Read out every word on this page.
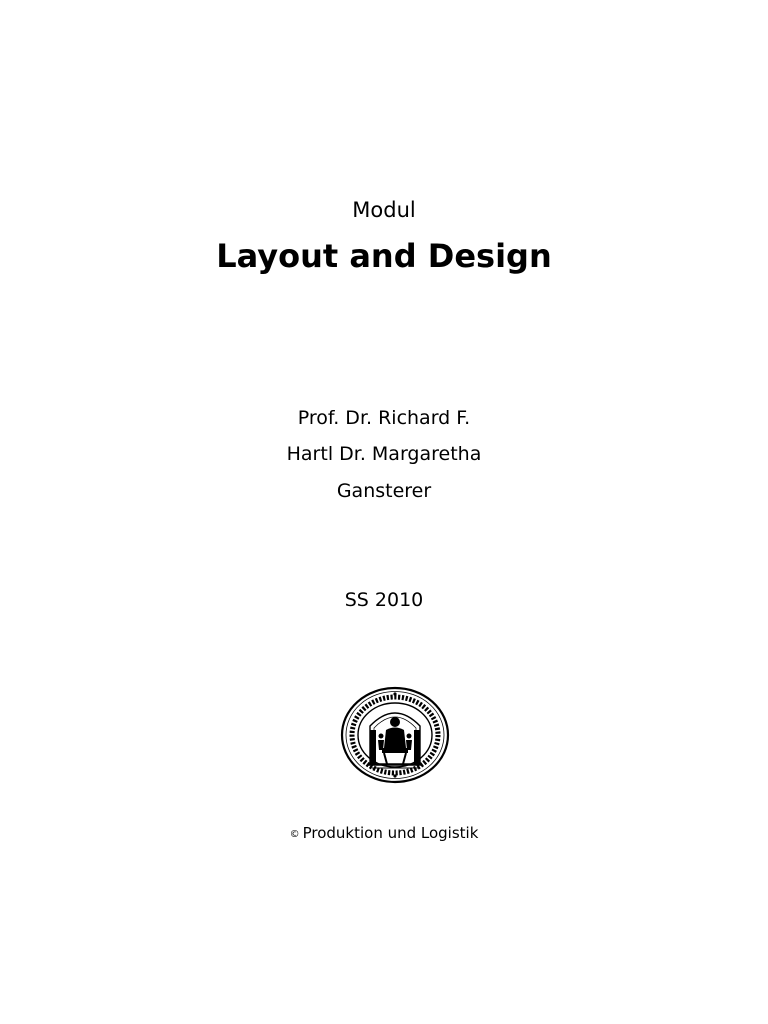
Modul
Layout and Design
Prof. Dr. Richard F.
Hartl Dr. Margaretha
Gansterer
SS 2010
© Produktion und Logistik
